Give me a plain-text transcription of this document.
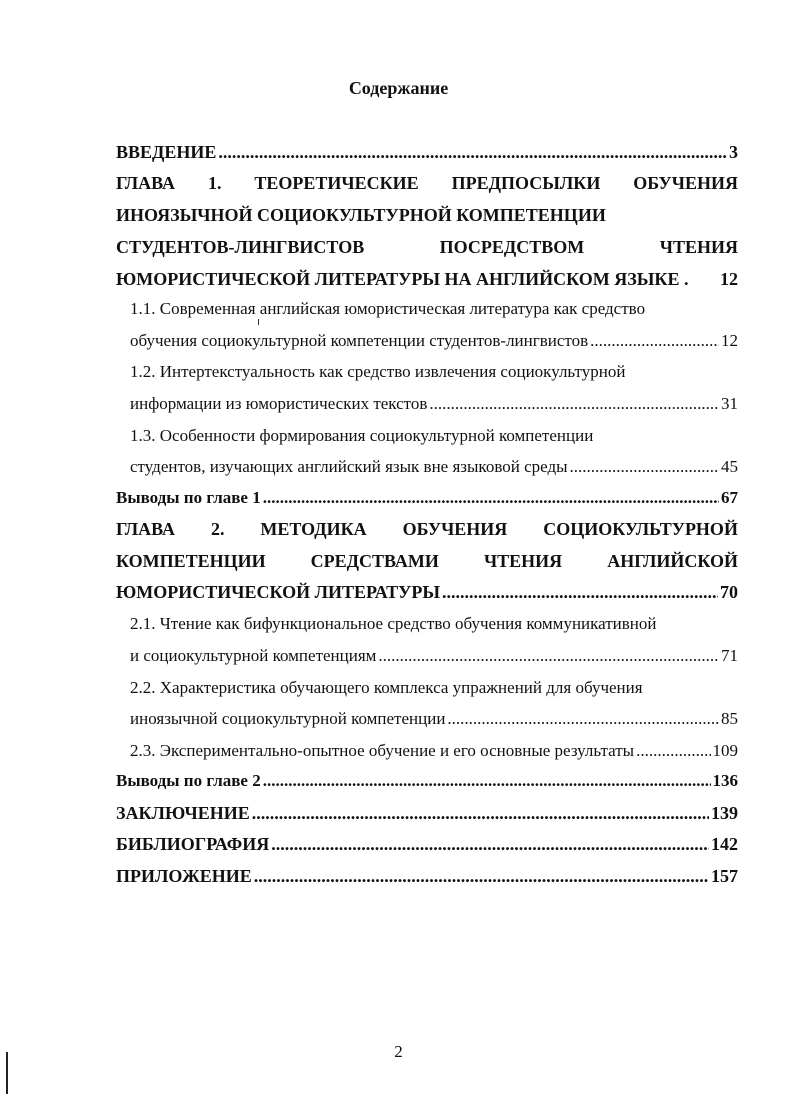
Содержание
ВВЕДЕНИЕ .....	3
ГЛАВА 1. ТЕОРЕТИЧЕСКИЕ ПРЕДПОСЫЛКИ ОБУЧЕНИЯ
ИНОЯЗЫЧНОЙ СОЦИОКУЛЬТУРНОЙ КОМПЕТЕНЦИИ
СТУДЕНТОВ-ЛИНГВИСТОВ	ПОСРЕДСТВОМ	ЧТЕНИЯ
ЮМОРИСТИЧЕСКОЙ ЛИТЕРАТУРЫ НА АНГЛИЙСКОМ ЯЗЫКЕ . 12
1.1. Современная английская юмористическая литература как средство
обучения социокультурной компетенции студентов-лингвистов .....	12
1.2. Интертекстуальность как средство извлечения социокультурной
информации из юмористических текстов .....	31
1.3. Особенности формирования социокультурной компетенции
студентов, изучающих английский язык вне языковой среды .....	45
Выводы по главе 1 .....	67
ГЛАВА 2. МЕТОДИКА ОБУЧЕНИЯ СОЦИОКУЛЬТУРНОЙ
КОМПЕТЕНЦИИ	СРЕДСТВАМИ	ЧТЕНИЯ	АНГЛИЙСКОЙ
ЮМОРИСТИЧЕСКОЙ ЛИТЕРАТУРЫ .....	70
2.1. Чтение как бифункциональное средство обучения коммуникативной
и социокультурной компетенциям .....	71
2.2. Характеристика обучающего комплекса упражнений для обучения
иноязычной социокультурной компетенции .....	85
2.3. Экспериментально-опытное обучение и его основные результаты .....	109
Выводы по главе 2 .....	136
ЗАКЛЮЧЕНИЕ .....	139
БИБЛИОГРАФИЯ .....	142
ПРИЛОЖЕНИЕ .....	157
2
